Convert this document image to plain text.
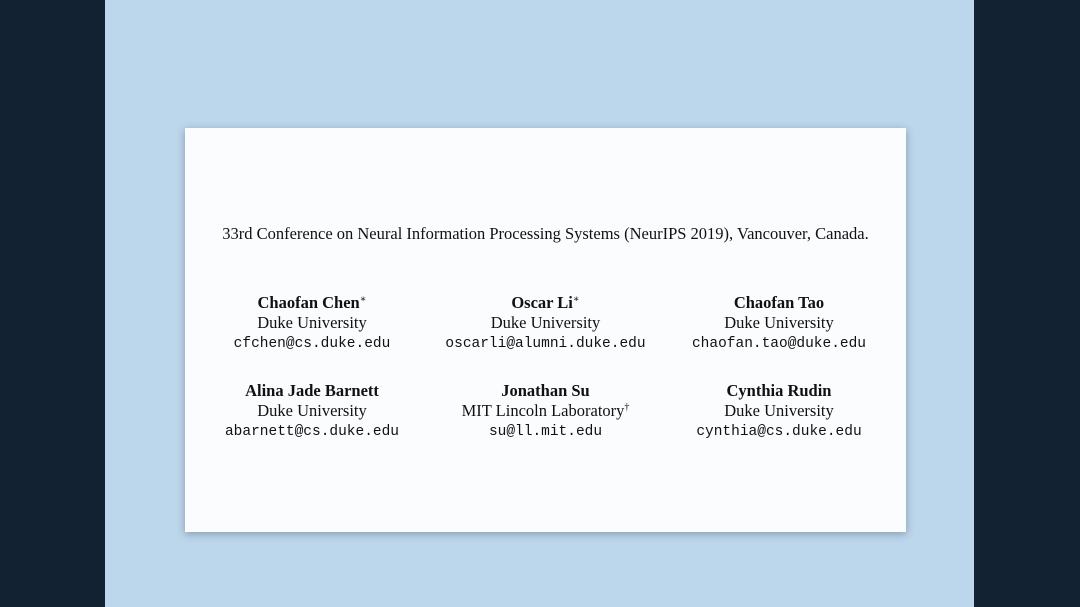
33rd Conference on Neural Information Processing Systems (NeurIPS 2019), Vancouver, Canada.
Chaofan Chen∗
Duke University
cfchen@cs.duke.edu
Oscar Li∗
Duke University
oscarli@alumni.duke.edu
Chaofan Tao
Duke University
chaofan.tao@duke.edu
Alina Jade Barnett
Duke University
abarnett@cs.duke.edu
Jonathan Su
MIT Lincoln Laboratory†
su@ll.mit.edu
Cynthia Rudin
Duke University
cynthia@cs.duke.edu
